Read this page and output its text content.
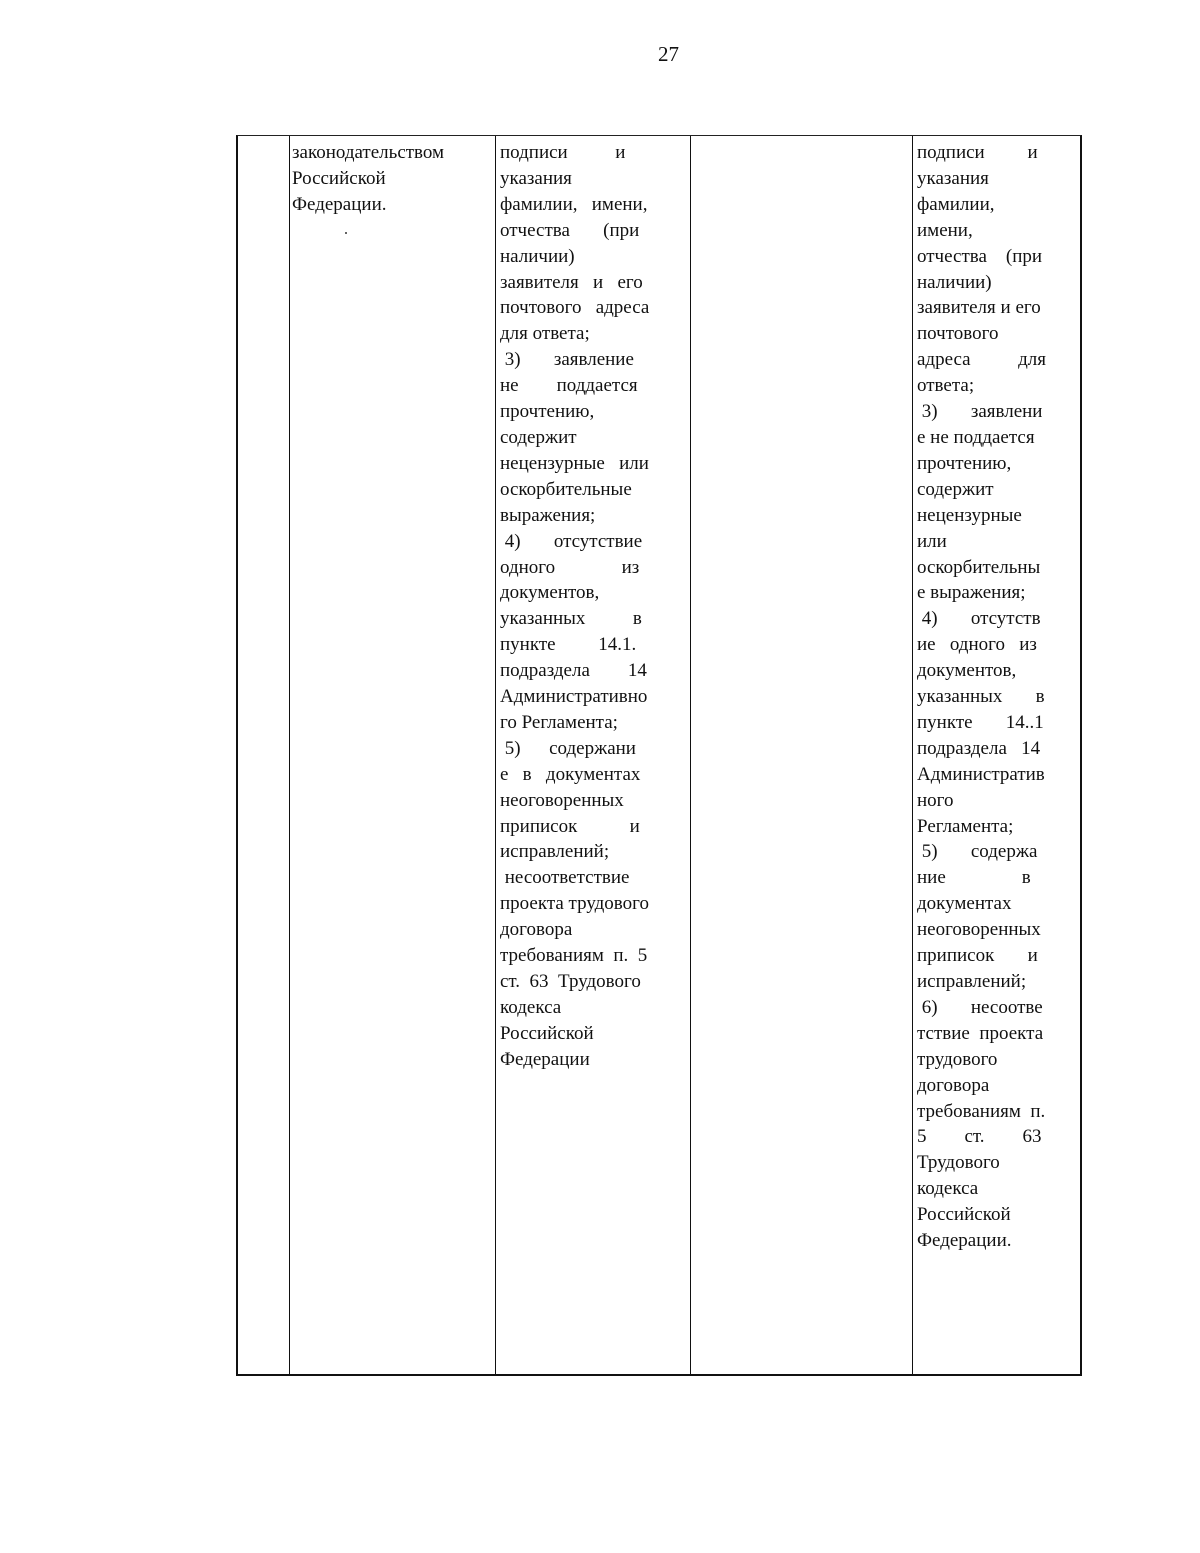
27
законодательством
Российской
Федерации.
подписи          и
указания
фамилии,   имени,
отчества       (при
наличии)
заявителя   и   его
почтового   адреса
для ответа;
3)       заявление
не        поддается
прочтению,
содержит
нецензурные   или
оскорбительные
выражения;
4)       отсутствие
одного              из
документов,
указанных          в
пункте         14.1.
подраздела        14
Административно
го Регламента;
5)      содержани
е   в   документах
неоговоренных
приписок           и
исправлений;
несоответствие
проекта трудового
договора
требованиям  п.  5
ст.  63  Трудового
кодекса
Российской
Федерации
подписи         и
указания
фамилии,
имени,
отчества    (при
наличии)
заявителя и его
почтового
адреса          для
ответа;
3)       заявлени
е не поддается
прочтению,
содержит
нецензурные
или
оскорбительны
е выражения;
4)       отсутств
ие   одного   из
документов,
указанных       в
пункте       14..1
подраздела   14
Административ
ного
Регламента;
5)       содержа
ние                в
документах
неоговоренных
приписок       и
исправлений;
6)       несоотве
тствие  проекта
трудового
договора
требованиям  п.
5        ст.        63
Трудового
кодекса
Российской
Федерации.
